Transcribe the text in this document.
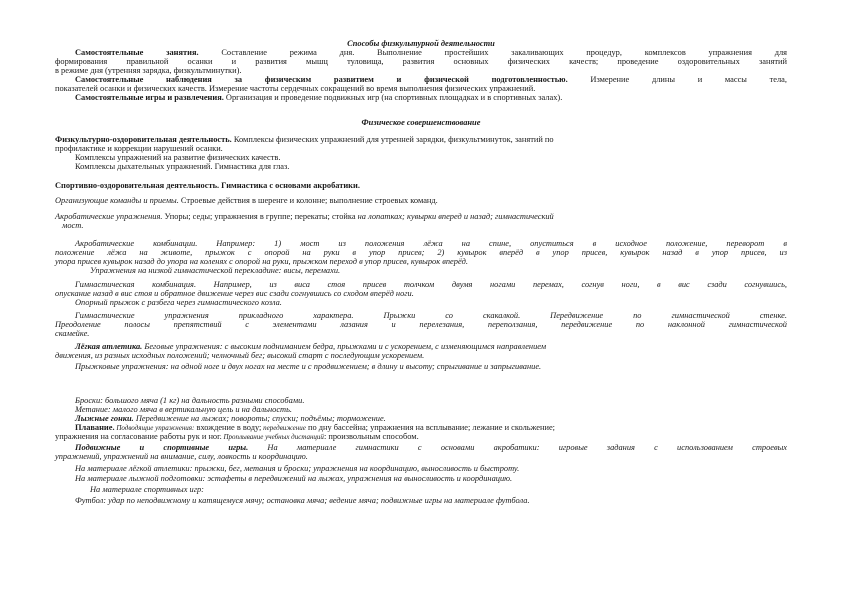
Способы физкультурной деятельности
Самостоятельные занятия. Составление режима дня. Выполнение простейших закаливающих процедур, комплексов упражнения для
формирования правильной осанки и развития мышц туловища, развития основных физических качеств; проведение оздоровительных занятий
в режиме дня (утренняя зарядка, физкультминутки).
Самостоятельные наблюдения за физическим развитием и физической подготовленностью. Измерение длины и массы тела,
показателей осанки и физических качеств. Измерение частоты сердечных сокращений во время выполнения физических упражнений.
Самостоятельные игры и развлечения. Организация и проведение подвижных игр (на спортивных площадках и в спортивных залах).
Физическое совершенствование
Физкультурно-оздоровительная деятельность. Комплексы физических упражнений для утренней зарядки, физкультминуток, занятий по
профилактике и коррекции нарушений осанки.
Комплексы упражнений на развитие физических качеств.
Комплексы дыхательных упражнений. Гимнастика для глаз.
Спортивно-оздоровительная деятельность. Гимнастика с основами акробатики.
Организующие команды и приемы. Строевые действия в шеренге и колонне; выполнение строевых команд.
Акробатические упражнения. Упоры; седы; упражнения в группе; перекаты; стойка на лопатках; кувырки вперед и назад; гимнастический
мост.
Акробатические комбинации. Например: 1) мост из положения лёжа на спине, опуститься в исходное положение, переворот в
положение лёжа на животе, прыжок с опорой на руки в упор присев; 2) кувырок вперёд в упор присев, кувырок назад в упор присев, из
упора присев кувырок назад до упора на коленях с опорой на руки, прыжком переход в упор присев, кувырок вперёд.
Упражнения на низкой гимнастической перекладине: висы, перемахи.
Гимнастическая комбинация. Например, из виса стоя присев толчком двумя ногами перемах, согнув ноги, в вис сзади согнувшись,
опускание назад в вис стоя и обратное движение через вис сзади согнувшись со сходом вперёд ноги.
Опорный прыжок с разбега через гимнастического козла.
Гимнастические упражнения прикладного характера. Прыжки со скакалкой. Передвижение по гимнастической стенке.
Преодоление полосы препятствий с элементами лазания и перелезания, переползания, передвижение по наклонной гимнастической
скамейке.
Лёгкая атлетика. Беговые упражнения: с высоким подниманием бедра, прыжками и с ускорением, с изменяющимся направлением
движения, из разных исходных положений; челночный бег; высокий старт с последующим ускорением.
Прыжковые упражнения: на одной ноге и двух ногах на месте и с продвижением; в длину и высоту; спрыгивание и запрыгивание.
Броски: большого мяча (1 кг) на дальность разными способами.
Метание: малого мяча в вертикальную цель и на дальность.
Лыжные гонки. Передвижение на лыжах; повороты; спуски; подъёмы; торможение.
Плавание. Подводящие упражнения: вхождение в воду; передвижение по дну бассейна; упражнения на всплывание; лежание и скольжение;
упражнения на согласование работы рук и ног. Проплывание учебных дистанций: произвольным способом.
Подвижные и спортивные игры. На материале гимнастики с основами акробатики: игровые задания с использованием строевых
упражнений, упражнений на внимание, силу, ловкость и координацию.
На материале лёгкой атлетики: прыжки, бег, метания и броски; упражнения на координацию, выносливость и быстроту.
На материале лыжной подготовки: эстафеты в передвижений на лыжах, упражнения на выносливость и координацию.
На материале спортивных игр:
Футбол: удар по неподвижному и катящемуся мячу; остановка мяча; ведение мяча; подвижные игры на материале футбола.
